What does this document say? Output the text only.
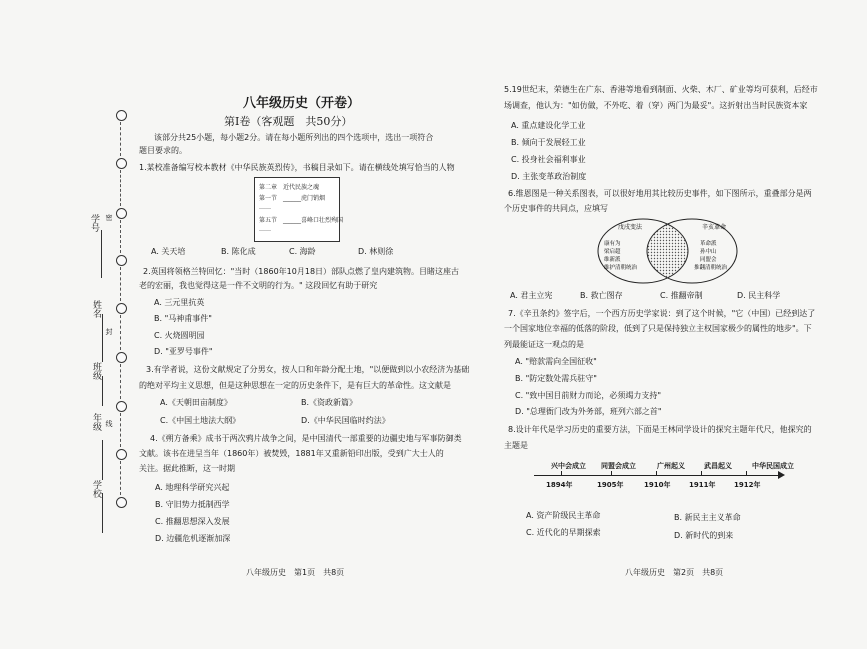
学号 密
姓名
封
班级
年级 线
学校
八年级历史（开卷）
第Ⅰ卷（客观题　共50分）
该部分共25小题，每小题2分。请在每小题所列出的四个选项中，选出一项符合
题目要求的。
1.某校准备编写校本教材《中华民族英烈传》，书稿目录如下。请在横线处填写恰当的人物
第二章　近代民族之魂
第一节　______虎门销烟
……
第五节　______喜峰口壮烈殉国
……
A. 关天培	B. 陈化成	C. 海龄	D. 林则徐
2.英国将领格兰特回忆："当时（1860年10月18日）部队点燃了皇内建筑物。目睹这座古
老的宏丽，我也觉得这是一件不文明的行为。" 这段回忆有助于研究
A. 三元里抗英
B. "马神甫事件"
C. 火烧圆明园
D. "亚罗号事件"
3.有学者说，这份文献规定了分男女，按人口和年龄分配土地，"以便做到以小农经济为基础
的绝对平均主义思想，但是这种思想在一定的历史条件下，是有巨大的革命性。这文献是
A.《天朝田亩制度》	B.《资政新篇》
C.《中国土地法大纲》	D.《中华民国临时约法》
4.《朔方备乘》成书于两次鸦片战争之间，是中国清代一部重要的边疆史地与军事防御类
文献。该书在进呈当年（1860年）被焚毁，1881年又重新铅印出版，受到广大士人的
关注。据此推断，这一时期
A. 地理科学研究兴起
B. 守旧势力抵制西学
C. 推翻思想深入发展
D. 边疆危机逐渐加深
八年级历史　第1页　共8页
5.19世纪末，荣德生在广东、香港等地看到制面、火柴、木厂、矿业等均可获利，后经市
场调查，他认为："如仿做，不外吃、着（穿）两门为最妥"。这折射出当时民族资本家
A. 重点建设化学工业
B. 倾向于发展轻工业
C. 投身社会福利事业
D. 主张变革政治制度
6.维恩图是一种关系图表，可以很好地用其比较历史事件，如下图所示，重叠部分是两
个历史事件的共同点，应填写
戊戌变法	辛亥革命
康有为
梁启超
维新派
维护清朝统治
革命派
孙中山
同盟会
推翻清朝统治
A. 君主立宪	B. 救亡图存	C. 推翻帝制	D. 民主科学
7.《辛丑条约》签字后，一个西方历史学家说：到了这个时候，"它（中国）已经到达了
一个国家地位幸福的低落的阶段，低到了只是保持独立主权国家极少的属性的地步"。下
列最能证这一观点的是
A. "赔款需向全国征收"
B. "防定数处需兵驻守"
C. "致中国目前财力而论，必须竭力支持"
D. "总理衙门改为外务部，班列六部之首"
8.设计年代是学习历史的重要方法，下面是王林同学设计的探究主题年代尺，他探究的
主题是
兴中会成立 同盟会成立	广州起义	武昌起义	中华民国成立
1894年	1905年	1910年	1911年	1912年
A. 资产阶级民主革命	B. 新民主主义革命
C. 近代化的早期探索	D. 新时代的到来
八年级历史　第2页　共8页
